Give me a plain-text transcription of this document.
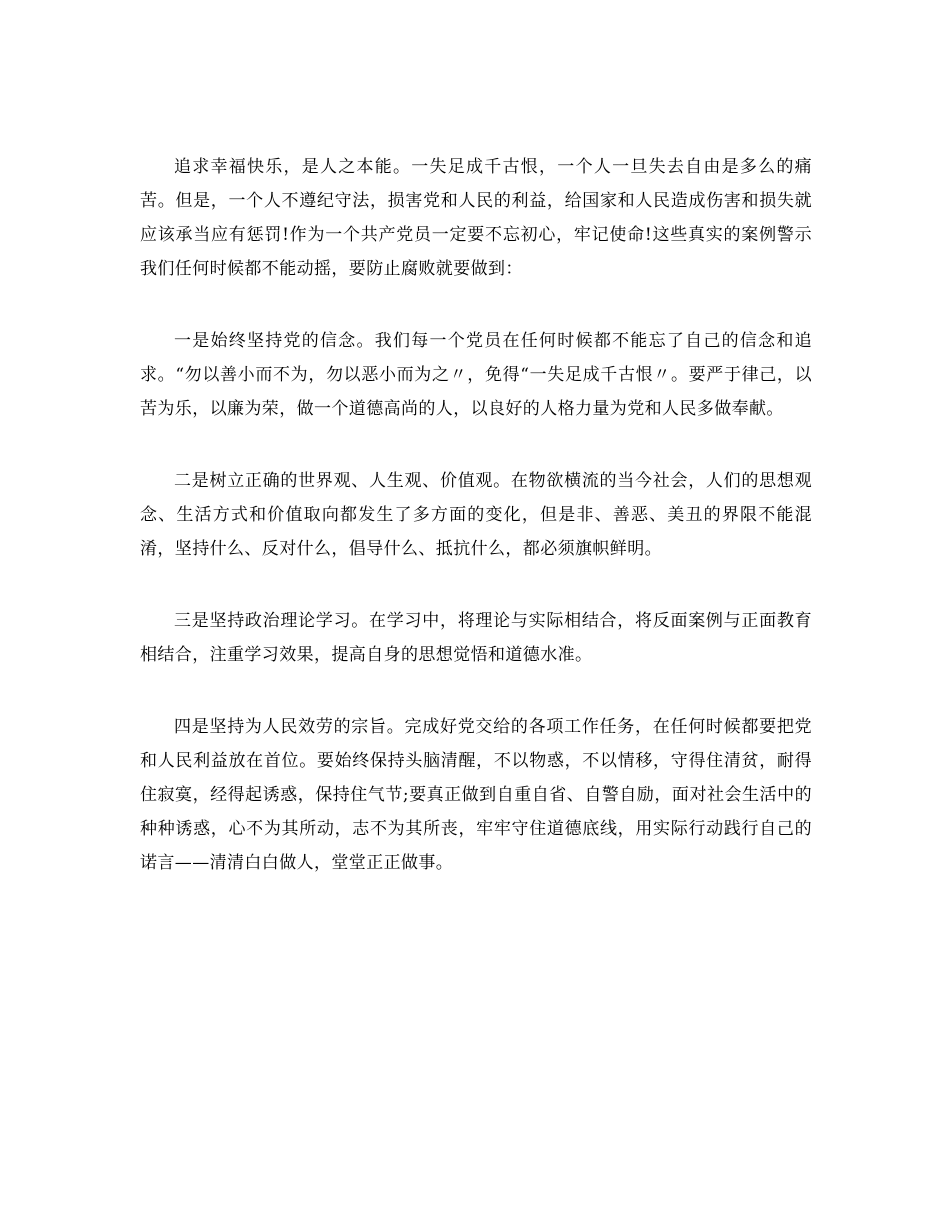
追求幸福快乐，是人之本能。一失足成千古恨，一个人一旦失去自由是多么的痛苦。但是，一个人不遵纪守法，损害党和人民的利益，给国家和人民造成伤害和损失就应该承当应有惩罚!作为一个共产党员一定要不忘初心，牢记使命!这些真实的案例警示我们任何时候都不能动摇，要防止腐败就要做到：

一是始终坚持党的信念。我们每一个党员在任何时候都不能忘了自己的信念和追求。“勿以善小而不为，勿以恶小而为之〃，免得“一失足成千古恨〃。要严于律己，以苦为乐，以廉为荣，做一个道德高尚的人，以良好的人格力量为党和人民多做奉献。

二是树立正确的世界观、人生观、价值观。在物欲横流的当今社会，人们的思想观念、生活方式和价值取向都发生了多方面的变化，但是非、善恶、美丑的界限不能混淆，坚持什么、反对什么，倡导什么、抵抗什么，都必须旗帜鲜明。

三是坚持政治理论学习。在学习中，将理论与实际相结合，将反面案例与正面教育相结合，注重学习效果，提高自身的思想觉悟和道德水准。

四是坚持为人民效劳的宗旨。完成好党交给的各项工作任务，在任何时候都要把党和人民利益放在首位。要始终保持头脑清醒，不以物惑，不以情移，守得住清贫，耐得住寂寞，经得起诱惑，保持住气节;要真正做到自重自省、自警自励，面对社会生活中的种种诱惑，心不为其所动，志不为其所丧，牢牢守住道德底线，用实际行动践行自己的诺言——清清白白做人，堂堂正正做事。
